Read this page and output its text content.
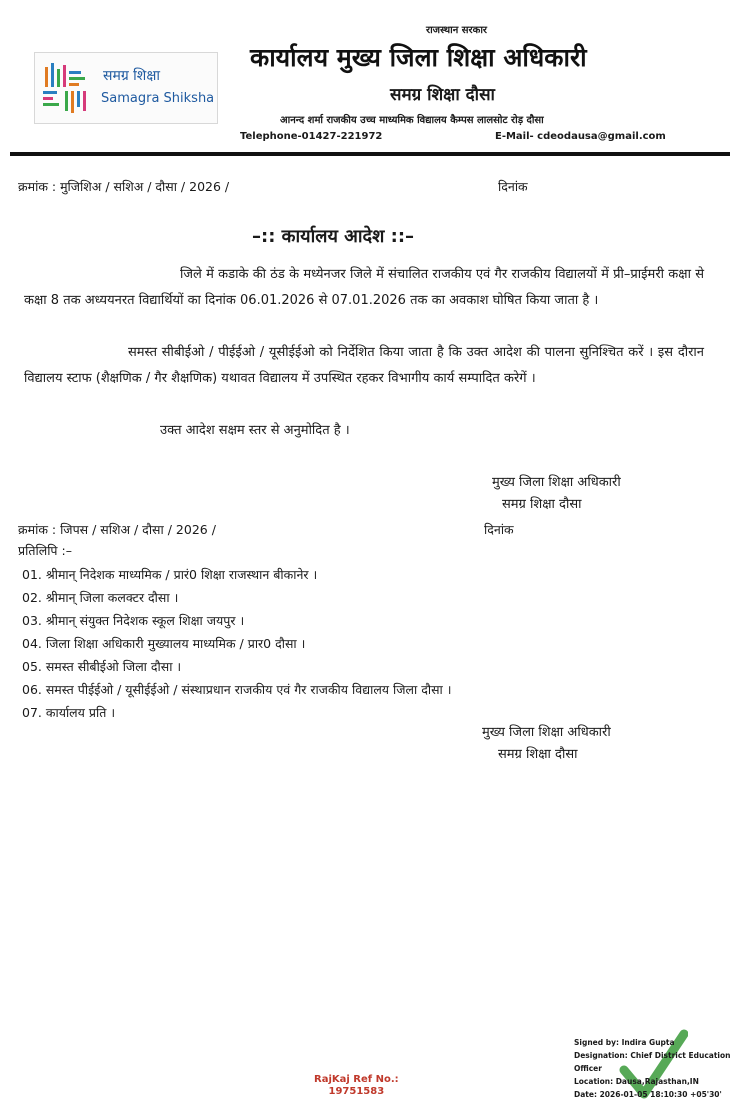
समग्र शिक्षा
Samagra Shiksha
राजस्थान सरकार
कार्यालय मुख्य जिला शिक्षा अधिकारी
समग्र शिक्षा दौसा
आनन्द शर्मा राजकीय उच्च माध्यमिक विद्यालय कैम्पस लालसोट रोड़ दौसा
Telephone-01427-221972	E-Mail- cdeodausa@gmail.com
क्रमांक : मुजिशिअ / सशिअ / दौसा / 2026 /	दिनांक
–:: कार्यालय आदेश ::–
जिले में कडाके की ठंड के मध्येनजर जिले में संचालित राजकीय एवं गैर राजकीय विद्यालयों में प्री–प्राईमरी कक्षा से कक्षा 8 तक अध्ययनरत विद्यार्थियों का दिनांक 06.01.2026 से 07.01.2026 तक का अवकाश घोषित किया जाता है ।
समस्त सीबीईओ / पीईईओ / यूसीईईओ को निर्देशित किया जाता है कि उक्त आदेश की पालना सुनिश्चित करें । इस दौरान विद्यालय स्टाफ (शैक्षणिक / गैर शैक्षणिक) यथावत विद्यालय में उपस्थित रहकर विभागीय कार्य सम्पादित करेगें ।
उक्त आदेश सक्षम स्तर से अनुमोदित है ।
मुख्य जिला शिक्षा अधिकारी
समग्र शिक्षा दौसा
क्रमांक : जिपस / सशिअ / दौसा / 2026 /	दिनांक
प्रतिलिपि :–
01. श्रीमान् निदेशक माध्यमिक / प्रारं0 शिक्षा राजस्थान बीकानेर ।
02. श्रीमान् जिला कलक्टर दौसा ।
03. श्रीमान् संयुक्त निदेशक स्कूल शिक्षा जयपुर ।
04. जिला शिक्षा अधिकारी मुख्यालय माध्यमिक / प्रार0 दौसा ।
05. समस्त सीबीईओ जिला दौसा ।
06. समस्त पीईईओ / यूसीईईओ / संस्थाप्रधान राजकीय एवं गैर राजकीय विद्यालय जिला दौसा ।
07. कार्यालय प्रति ।
मुख्य जिला शिक्षा अधिकारी
समग्र शिक्षा दौसा
RajKaj Ref No.:
19751583
Signed by: Indira Gupta
Designation: Chief District Education
Officer
Location: Dausa,Rajasthan,IN
Date: 2026-01-05 18:10:30 +05'30'
